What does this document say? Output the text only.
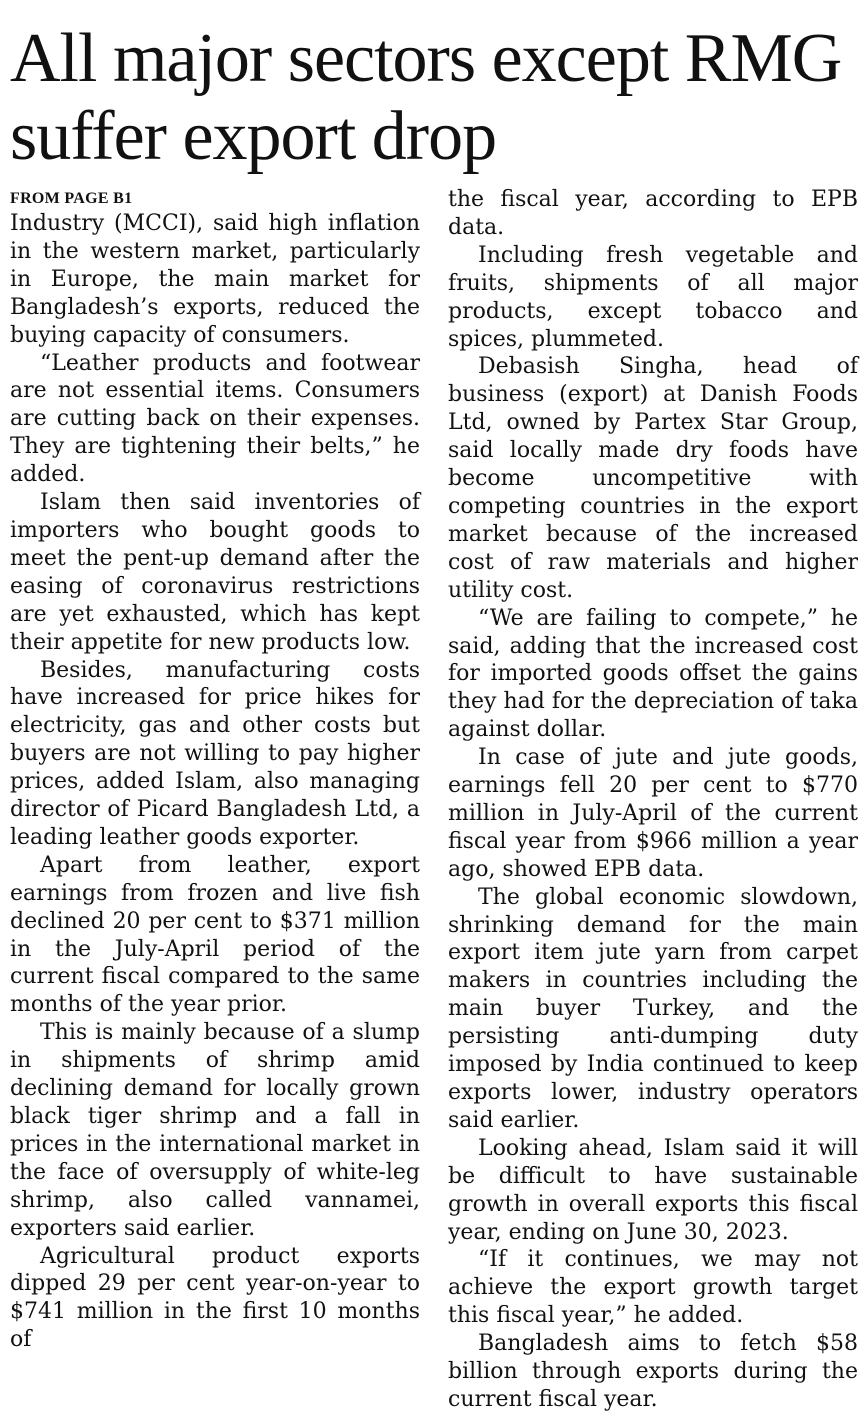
All major sectors except RMG suffer export drop
FROM PAGE B1

Industry (MCCI), said high inflation in the western market, particularly in Europe, the main market for Bangladesh’s exports, reduced the buying capacity of consumers.

“Leather products and footwear are not essential items. Consumers are cutting back on their expenses. They are tightening their belts,” he added.

Islam then said inventories of importers who bought goods to meet the pent-up demand after the easing of coronavirus restrictions are yet exhausted, which has kept their appetite for new products low.

Besides, manufacturing costs have increased for price hikes for electricity, gas and other costs but buyers are not willing to pay higher prices, added Islam, also managing director of Picard Bangladesh Ltd, a leading leather goods exporter.

Apart from leather, export earnings from frozen and live fish declined 20 per cent to $371 million in the July-April period of the current fiscal compared to the same months of the year prior.

This is mainly because of a slump in shipments of shrimp amid declining demand for locally grown black tiger shrimp and a fall in prices in the international market in the face of oversupply of white-leg shrimp, also called vannamei, exporters said earlier.

Agricultural product exports dipped 29 per cent year-on-year to $741 million in the first 10 months of

the fiscal year, according to EPB data.

Including fresh vegetable and fruits, shipments of all major products, except tobacco and spices, plummeted.

Debasish Singha, head of business (export) at Danish Foods Ltd, owned by Partex Star Group, said locally made dry foods have become uncompetitive with competing countries in the export market because of the increased cost of raw materials and higher utility cost.

“We are failing to compete,” he said, adding that the increased cost for imported goods offset the gains they had for the depreciation of taka against dollar.

In case of jute and jute goods, earnings fell 20 per cent to $770 million in July-April of the current fiscal year from $966 million a year ago, showed EPB data.

The global economic slowdown, shrinking demand for the main export item jute yarn from carpet makers in countries including the main buyer Turkey, and the persisting anti-dumping duty imposed by India continued to keep exports lower, industry operators said earlier.

Looking ahead, Islam said it will be difficult to have sustainable growth in overall exports this fiscal year, ending on June 30, 2023.

“If it continues, we may not achieve the export growth target this fiscal year,” he added.

Bangladesh aims to fetch $58 billion through exports during the current fiscal year.
